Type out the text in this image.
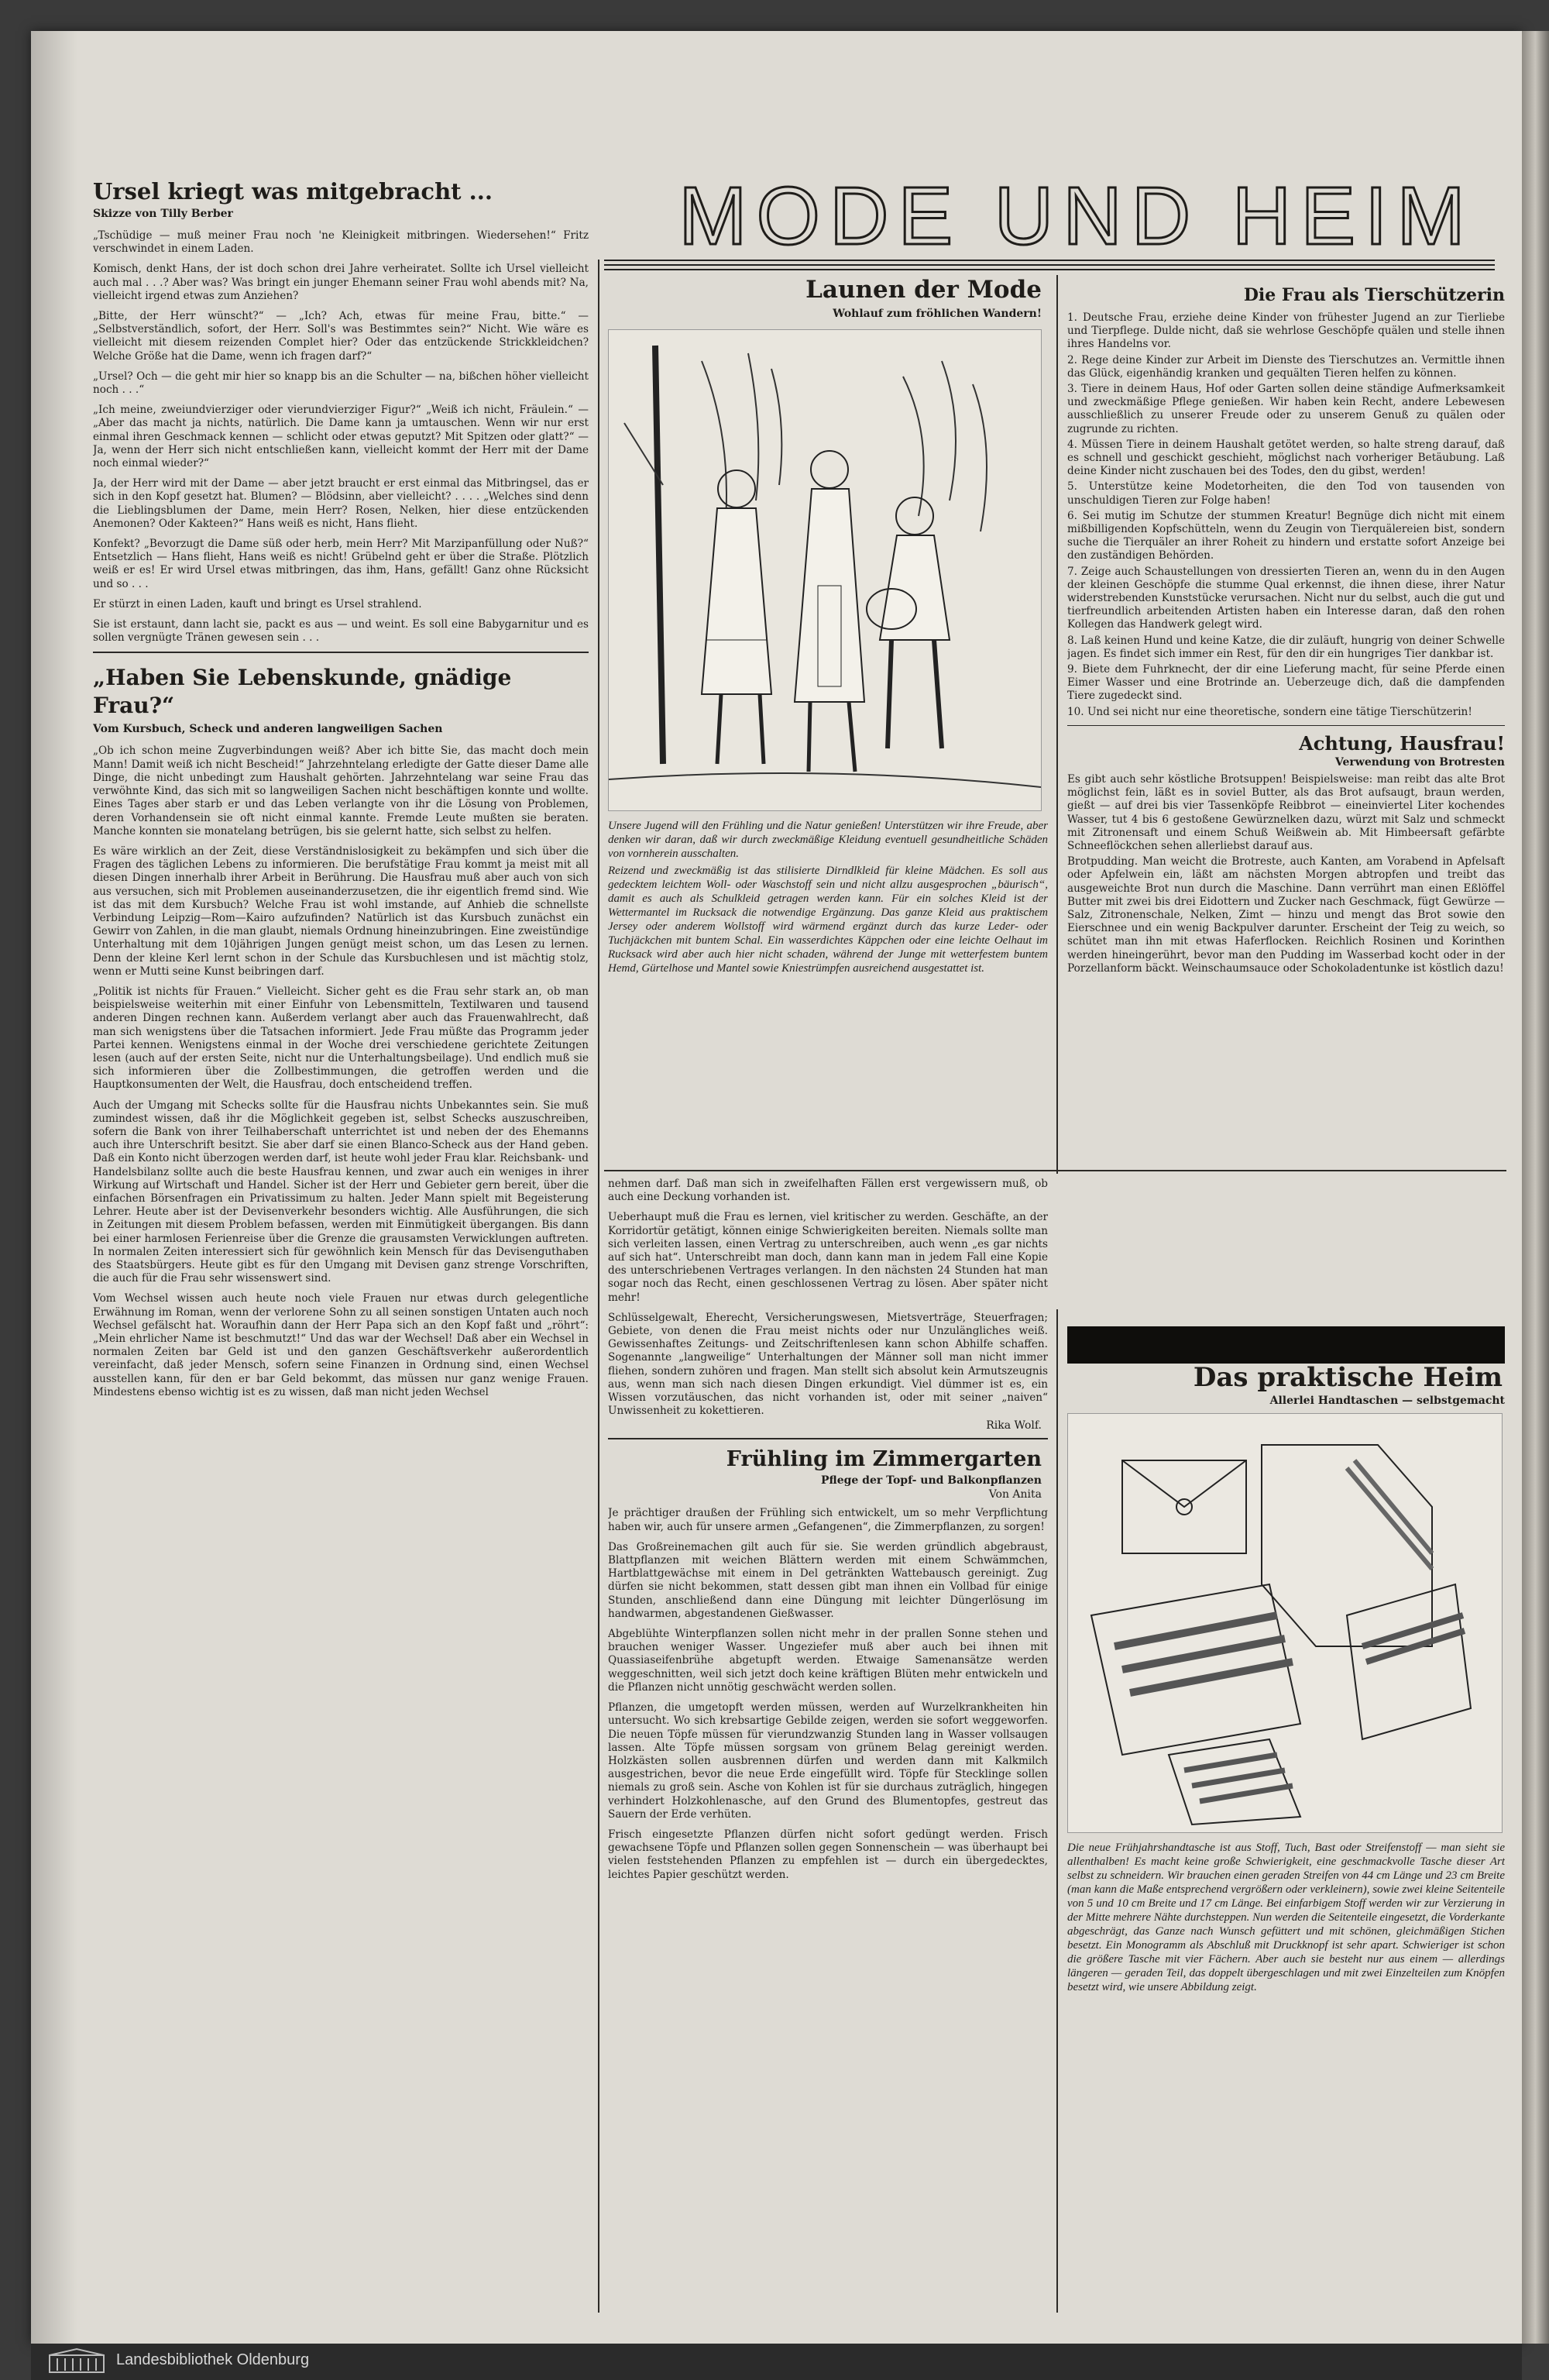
MODE UND HEIM
Ursel kriegt was mitgebracht ...
Skizze von Tilly Berber

„Tschüdige — muß meiner Frau noch 'ne Kleinigkeit mitbringen. Wiedersehen!“ Fritz verschwindet in einem Laden.

Komisch, denkt Hans, der ist doch schon drei Jahre verheiratet. Sollte ich Ursel vielleicht auch mal . . .? Aber was? Was bringt ein junger Ehemann seiner Frau wohl abends mit? Na, vielleicht irgend etwas zum Anziehen?

„Bitte, der Herr wünscht?“ — „Ich? Ach, etwas für meine Frau, bitte.“ — „Selbstverständlich, sofort, der Herr. Soll's was Bestimmtes sein?“ Nicht. Wie wäre es vielleicht mit diesem reizenden Complet hier? Oder das entzückende Strickkleidchen? Welche Größe hat die Dame, wenn ich fragen darf?“

„Ursel? Och — die geht mir hier so knapp bis an die Schulter — na, bißchen höher vielleicht noch . . .“

„Ich meine, zweiundvierziger oder vierundvierziger Figur?“ „Weiß ich nicht, Fräulein.“ — „Aber das macht ja nichts, natürlich. Die Dame kann ja umtauschen. Wenn wir nur erst einmal ihren Geschmack kennen — schlicht oder etwas geputzt? Mit Spitzen oder glatt?“ — Ja, wenn der Herr sich nicht entschließen kann, vielleicht kommt der Herr mit der Dame noch einmal wieder?“

Ja, der Herr wird mit der Dame — aber jetzt braucht er erst einmal das Mitbringsel, das er sich in den Kopf gesetzt hat. Blumen? — Blödsinn, aber vielleicht? . . . . „Welches sind denn die Lieblingsblumen der Dame, mein Herr? Rosen, Nelken, hier diese entzückenden Anemonen? Oder Kakteen?“ Hans weiß es nicht, Hans flieht.

Konfekt? „Bevorzugt die Dame süß oder herb, mein Herr? Mit Marzipanfüllung oder Nuß?“ Entsetzlich — Hans flieht, Hans weiß es nicht! Grübelnd geht er über die Straße. Plötzlich weiß er es! Er wird Ursel etwas mitbringen, das ihm, Hans, gefällt! Ganz ohne Rücksicht und so . . .

Er stürzt in einen Laden, kauft und bringt es Ursel strahlend.

Sie ist erstaunt, dann lacht sie, packt es aus — und weint. Es soll eine Babygarnitur und es sollen vergnügte Tränen gewesen sein . . .

„Haben Sie Lebenskunde, gnädige Frau?“
Vom Kursbuch, Scheck und anderen langweiligen Sachen

„Ob ich schon meine Zugverbindungen weiß? Aber ich bitte Sie, das macht doch mein Mann! Damit weiß ich nicht Bescheid!“ Jahrzehntelang erledigte der Gatte dieser Dame alle Dinge, die nicht unbedingt zum Haushalt gehörten. Jahrzehntelang war seine Frau das verwöhnte Kind, das sich mit so langweiligen Sachen nicht beschäftigen konnte und wollte. Eines Tages aber starb er und das Leben verlangte von ihr die Lösung von Problemen, deren Vorhandensein sie oft nicht einmal kannte. Fremde Leute mußten sie beraten. Manche konnten sie monatelang betrügen, bis sie gelernt hatte, sich selbst zu helfen.

Es wäre wirklich an der Zeit, diese Verständnislosigkeit zu bekämpfen und sich über die Fragen des täglichen Lebens zu informieren. Die berufstätige Frau kommt ja meist mit all diesen Dingen innerhalb ihrer Arbeit in Berührung. Die Hausfrau muß aber auch von sich aus versuchen, sich mit Problemen auseinanderzusetzen, die ihr eigentlich fremd sind. Wie ist das mit dem Kursbuch? Welche Frau ist wohl imstande, auf Anhieb die schnellste Verbindung Leipzig—Rom—Kairo aufzufinden? Natürlich ist das Kursbuch zunächst ein Gewirr von Zahlen, in die man glaubt, niemals Ordnung hineinzubringen. Eine zweistündige Unterhaltung mit dem 10jährigen Jungen genügt meist schon, um das Lesen zu lernen. Denn der kleine Kerl lernt schon in der Schule das Kursbuchlesen und ist mächtig stolz, wenn er Mutti seine Kunst beibringen darf.

„Politik ist nichts für Frauen.“ Vielleicht. Sicher geht es die Frau sehr stark an, ob man beispielsweise weiterhin mit einer Einfuhr von Lebensmitteln, Textilwaren und tausend anderen Dingen rechnen kann. Außerdem verlangt aber auch das Frauenwahlrecht, daß man sich wenigstens über die Tatsachen informiert. Jede Frau müßte das Programm jeder Partei kennen. Wenigstens einmal in der Woche drei verschiedene gerichtete Zeitungen lesen (auch auf der ersten Seite, nicht nur die Unterhaltungsbeilage). Und endlich muß sie sich informieren über die Zollbestimmungen, die getroffen werden und die Hauptkonsumenten der Welt, die Hausfrau, doch entscheidend treffen.

Auch der Umgang mit Schecks sollte für die Hausfrau nichts Unbekanntes sein. Sie muß zumindest wissen, daß ihr die Möglichkeit gegeben ist, selbst Schecks auszuschreiben, sofern die Bank von ihrer Teilhaberschaft unterrichtet ist und neben der des Ehemanns auch ihre Unterschrift besitzt. Sie aber darf sie einen Blanco-Scheck aus der Hand geben. Daß ein Konto nicht überzogen werden darf, ist heute wohl jeder Frau klar. Reichsbank- und Handelsbilanz sollte auch die beste Hausfrau kennen, und zwar auch ein weniges in ihrer Wirkung auf Wirtschaft und Handel. Sicher ist der Herr und Gebieter gern bereit, über die einfachen Börsenfragen ein Privatissimum zu halten. Jeder Mann spielt mit Begeisterung Lehrer. Heute aber ist der Devisenverkehr besonders wichtig. Alle Ausführungen, die sich in Zeitungen mit diesem Problem befassen, werden mit Einmütigkeit übergangen. Bis dann bei einer harmlosen Ferienreise über die Grenze die grausamsten Verwicklungen auftreten. In normalen Zeiten interessiert sich für gewöhnlich kein Mensch für das Devisenguthaben des Staatsbürgers. Heute gibt es für den Umgang mit Devisen ganz strenge Vorschriften, die auch für die Frau sehr wissenswert sind.

Vom Wechsel wissen auch heute noch viele Frauen nur etwas durch gelegentliche Erwähnung im Roman, wenn der verlorene Sohn zu all seinen sonstigen Untaten auch noch Wechsel gefälscht hat. Woraufhin dann der Herr Papa sich an den Kopf faßt und „röhrt“: „Mein ehrlicher Name ist beschmutzt!“ Und das war der Wechsel! Daß aber ein Wechsel in normalen Zeiten bar Geld ist und den ganzen Geschäftsverkehr außerordentlich vereinfacht, daß jeder Mensch, sofern seine Finanzen in Ordnung sind, einen Wechsel ausstellen kann, für den er bar Geld bekommt, das müssen nur ganz wenige Frauen. Mindestens ebenso wichtig ist es zu wissen, daß man nicht jeden Wechsel

Launen der Mode
Wohlauf zum fröhlichen Wandern!

Unsere Jugend will den Frühling und die Natur genießen! Unterstützen wir ihre Freude, aber denken wir daran, daß wir durch zweckmäßige Kleidung eventuell gesundheitliche Schäden von vornherein ausschalten.

Reizend und zweckmäßig ist das stilisierte Dirndlkleid für kleine Mädchen. Es soll aus gedecktem leichtem Woll- oder Waschstoff sein und nicht allzu ausgesprochen „bäurisch“, damit es auch als Schulkleid getragen werden kann. Für ein solches Kleid ist der Wettermantel im Rucksack die notwendige Ergänzung. Das ganze Kleid aus praktischem Jersey oder anderem Wollstoff wird wärmend ergänzt durch das kurze Leder- oder Tuchjäckchen mit buntem Schal. Ein wasserdichtes Käppchen oder eine leichte Oelhaut im Rucksack wird aber auch hier nicht schaden, während der Junge mit wetterfestem buntem Hemd, Gürtelhose und Mantel sowie Kniestrümpfen ausreichend ausgestattet ist.

nehmen darf. Daß man sich in zweifelhaften Fällen erst vergewissern muß, ob auch eine Deckung vorhanden ist.

Ueberhaupt muß die Frau es lernen, viel kritischer zu werden. Geschäfte, an der Korridortür getätigt, können einige Schwierigkeiten bereiten. Niemals sollte man sich verleiten lassen, einen Vertrag zu unterschreiben, auch wenn „es gar nichts auf sich hat“. Unterschreibt man doch, dann kann man in jedem Fall eine Kopie des unterschriebenen Vertrages verlangen. In den nächsten 24 Stunden hat man sogar noch das Recht, einen geschlossenen Vertrag zu lösen. Aber später nicht mehr!

Schlüsselgewalt, Eherecht, Versicherungswesen, Mietsverträge, Steuerfragen; Gebiete, von denen die Frau meist nichts oder nur Unzulängliches weiß. Gewissenhaftes Zeitungs- und Zeitschriftenlesen kann schon Abhilfe schaffen. Sogenannte „langweilige“ Unterhaltungen der Männer soll man nicht immer fliehen, sondern zuhören und fragen. Man stellt sich absolut kein Armutszeugnis aus, wenn man sich nach diesen Dingen erkundigt. Viel dümmer ist es, ein Wissen vorzutäuschen, das nicht vorhanden ist, oder mit seiner „naiven“ Unwissenheit zu kokettieren.

Rika Wolf.
Frühling im Zimmergarten
Pflege der Topf- und Balkonpflanzen
Von Anita

Je prächtiger draußen der Frühling sich entwickelt, um so mehr Verpflichtung haben wir, auch für unsere armen „Gefangenen“, die Zimmerpflanzen, zu sorgen!

Das Großreinemachen gilt auch für sie. Sie werden gründlich abgebraust, Blattpflanzen mit weichen Blättern werden mit einem Schwämmchen, Hartblattgewächse mit einem in Del getränkten Wattebausch gereinigt. Zug dürfen sie nicht bekommen, statt dessen gibt man ihnen ein Vollbad für einige Stunden, anschließend dann eine Düngung mit leichter Düngerlösung im handwarmen, abgestandenen Gießwasser.

Abgeblühte Winterpflanzen sollen nicht mehr in der prallen Sonne stehen und brauchen weniger Wasser. Ungeziefer muß aber auch bei ihnen mit Quassiaseifenbrühe abgetupft werden. Etwaige Samenansätze werden weggeschnitten, weil sich jetzt doch keine kräftigen Blüten mehr entwickeln und die Pflanzen nicht unnötig geschwächt werden sollen.

Pflanzen, die umgetopft werden müssen, werden auf Wurzelkrankheiten hin untersucht. Wo sich krebsartige Gebilde zeigen, werden sie sofort weggeworfen. Die neuen Töpfe müssen für vierundzwanzig Stunden lang in Wasser vollsaugen lassen. Alte Töpfe müssen sorgsam von grünem Belag gereinigt werden. Holzkästen sollen ausbrennen dürfen und werden dann mit Kalkmilch ausgestrichen, bevor die neue Erde eingefüllt wird. Töpfe für Stecklinge sollen niemals zu groß sein. Asche von Kohlen ist für sie durchaus zuträglich, hingegen verhindert Holzkohlenasche, auf den Grund des Blumentopfes, gestreut das Sauern der Erde verhüten.

Frisch eingesetzte Pflanzen dürfen nicht sofort gedüngt werden. Frisch gewachsene Töpfe und Pflanzen sollen gegen Sonnenschein — was überhaupt bei vielen feststehenden Pflanzen zu empfehlen ist — durch ein übergedecktes, leichtes Papier geschützt werden.

Die Frau als Tierschützerin

1. Deutsche Frau, erziehe deine Kinder von frühester Jugend an zur Tierliebe und Tierpflege. Dulde nicht, daß sie wehrlose Geschöpfe quälen und stelle ihnen ihres Handelns vor.

2. Rege deine Kinder zur Arbeit im Dienste des Tierschutzes an. Vermittle ihnen das Glück, eigenhändig kranken und gequälten Tieren helfen zu können.

3. Tiere in deinem Haus, Hof oder Garten sollen deine ständige Aufmerksamkeit und zweckmäßige Pflege genießen. Wir haben kein Recht, andere Lebewesen ausschließlich zu unserer Freude oder zu unserem Genuß zu quälen oder zugrunde zu richten.

4. Müssen Tiere in deinem Haushalt getötet werden, so halte streng darauf, daß es schnell und geschickt geschieht, möglichst nach vorheriger Betäubung. Laß deine Kinder nicht zuschauen bei des Todes, den du gibst, werden!

5. Unterstütze keine Modetorheiten, die den Tod von tausenden von unschuldigen Tieren zur Folge haben!

6. Sei mutig im Schutze der stummen Kreatur! Begnüge dich nicht mit einem mißbilligenden Kopfschütteln, wenn du Zeugin von Tierquälereien bist, sondern suche die Tierquäler an ihrer Roheit zu hindern und erstatte sofort Anzeige bei den zuständigen Behörden.

7. Zeige auch Schaustellungen von dressierten Tieren an, wenn du in den Augen der kleinen Geschöpfe die stumme Qual erkennst, die ihnen diese, ihrer Natur widerstrebenden Kunststücke verursachen. Nicht nur du selbst, auch die gut und tierfreundlich arbeitenden Artisten haben ein Interesse daran, daß den rohen Kollegen das Handwerk gelegt wird.

8. Laß keinen Hund und keine Katze, die dir zuläuft, hungrig von deiner Schwelle jagen. Es findet sich immer ein Rest, für den dir ein hungriges Tier dankbar ist.

9. Biete dem Fuhrknecht, der dir eine Lieferung macht, für seine Pferde einen Eimer Wasser und eine Brotrinde an. Ueberzeuge dich, daß die dampfenden Tiere zugedeckt sind.

10. Und sei nicht nur eine theoretische, sondern eine tätige Tierschützerin!

Achtung, Hausfrau!
Verwendung von Brotresten

Es gibt auch sehr köstliche Brotsuppen! Beispielsweise: man reibt das alte Brot möglichst fein, läßt es in soviel Butter, als das Brot aufsaugt, braun werden, gießt — auf drei bis vier Tassenköpfe Reibbrot — eineinviertel Liter kochendes Wasser, tut 4 bis 6 gestoßene Gewürznelken dazu, würzt mit Salz und schmeckt mit Zitronensaft und einem Schuß Weißwein ab. Mit Himbeersaft gefärbte Schneeflöckchen sehen allerliebst darauf aus.

Brotpudding. Man weicht die Brotreste, auch Kanten, am Vorabend in Apfelsaft oder Apfelwein ein, läßt am nächsten Morgen abtropfen und treibt das ausgeweichte Brot nun durch die Maschine. Dann verrührt man einen Eßlöffel Butter mit zwei bis drei Eidottern und Zucker nach Geschmack, fügt Gewürze — Salz, Zitronenschale, Nelken, Zimt — hinzu und mengt das Brot sowie den Eierschnee und ein wenig Backpulver darunter. Erscheint der Teig zu weich, so schütet man ihn mit etwas Haferflocken. Reichlich Rosinen und Korinthen werden hineingerührt, bevor man den Pudding im Wasserbad kocht oder in der Porzellanform bäckt. Weinschaumsauce oder Schokoladentunke ist köstlich dazu!

Das praktische Heim
Allerlei Handtaschen — selbstgemacht

Die neue Frühjahrshandtasche ist aus Stoff, Tuch, Bast oder Streifenstoff — man sieht sie allenthalben! Es macht keine große Schwierigkeit, eine geschmackvolle Tasche dieser Art selbst zu schneidern. Wir brauchen einen geraden Streifen von 44 cm Länge und 23 cm Breite (man kann die Maße entsprechend vergrößern oder verkleinern), sowie zwei kleine Seitenteile von 5 und 10 cm Breite und 17 cm Länge. Bei einfarbigem Stoff werden wir zur Verzierung in der Mitte mehrere Nähte durchsteppen. Nun werden die Seitenteile eingesetzt, die Vorderkante abgeschrägt, das Ganze nach Wunsch gefüttert und mit schönen, gleichmäßigen Stichen besetzt. Ein Monogramm als Abschluß mit Druckknopf ist sehr apart. Schwieriger ist schon die größere Tasche mit vier Fächern. Aber auch sie besteht nur aus einem — allerdings längeren — geraden Teil, das doppelt übergeschlagen und mit zwei Einzelteilen zum Knöpfen besetzt wird, wie unsere Abbildung zeigt.

Landesbibliothek Oldenburg
